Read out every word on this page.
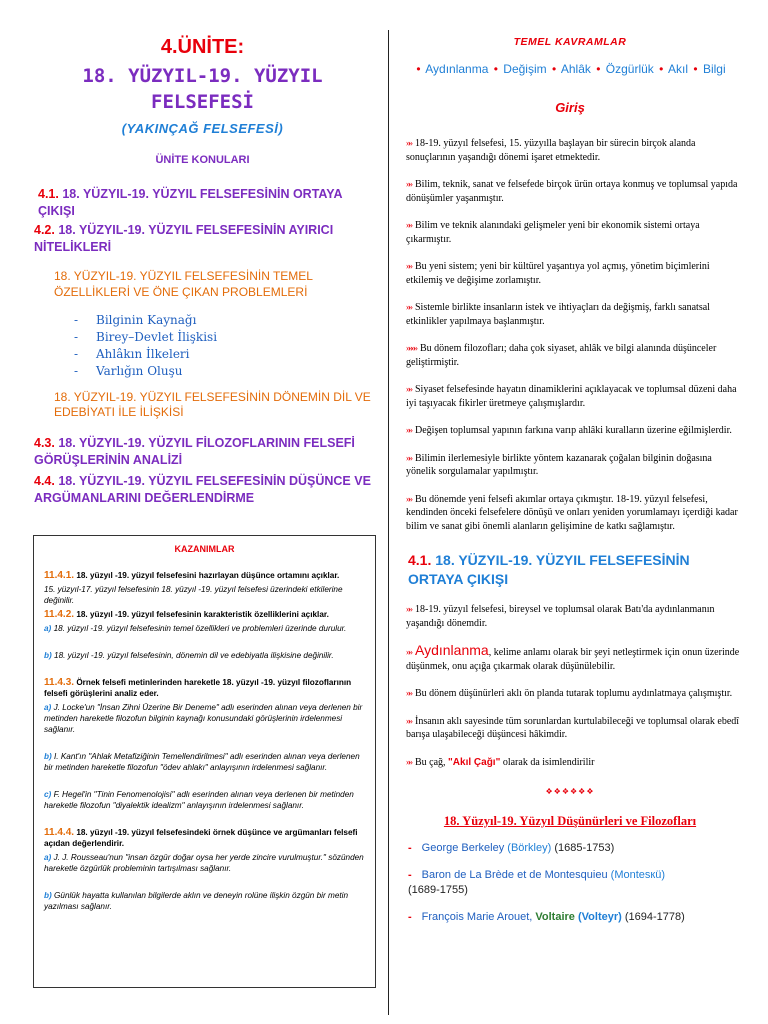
4.ÜNİTE:
18. YÜZYIL-19. YÜZYIL
FELSEFESİ
(YAKINÇAĞ FELSEFESİ)
ÜNİTE KONULARI
4.1. 18. YÜZYIL-19. YÜZYIL FELSEFESİNİN ORTAYA ÇIKIŞI
4.2. 18. YÜZYIL-19. YÜZYIL FELSEFESİNİN AYIRICI NİTELİKLERİ
18. YÜZYIL-19. YÜZYIL FELSEFESİNİN TEMEL ÖZELLİKLERİ VE ÖNE ÇIKAN PROBLEMLERİ
- Bilginin Kaynağı
- Birey–Devlet İlişkisi
- Ahlâkın İlkeleri
- Varlığın Oluşu
18. YÜZYIL-19. YÜZYIL FELSEFESİNİN DÖNEMİN DİL VE EDEBİYATI İLE İLİŞKİSİ
4.3. 18. YÜZYIL-19. YÜZYIL FİLOZOFLARININ FELSEFİ GÖRÜŞLERİNİN ANALİZİ
4.4. 18. YÜZYIL-19. YÜZYIL FELSEFESİNİN DÜŞÜNCE VE ARGÜMANLARINI DEĞERLENDİRME
KAZANIMLAR
11.4.1. 18. yüzyıl -19. yüzyıl felsefesini hazırlayan düşünce ortamını açıklar.
15. yüzyıl-17. yüzyıl felsefesinin 18. yüzyıl -19. yüzyıl felsefesi üzerindeki etkilerine değinilir.
11.4.2. 18. yüzyıl -19. yüzyıl felsefesinin karakteristik özelliklerini açıklar.
a) 18. yüzyıl -19. yüzyıl felsefesinin temel özellikleri ve problemleri üzerinde durulur.
b) 18. yüzyıl -19. yüzyıl felsefesinin, dönemin dil ve edebiyatla ilişkisine değinilir.
11.4.3. Örnek felsefi metinlerinden hareketle 18. yüzyıl -19. yüzyıl filozoflarının felsefi görüşlerini analiz eder.
a) J. Locke'un "İnsan Zihni Üzerine Bir Deneme" adlı eserinden alınan veya derlenen bir metinden hareketle filozofun bilginin kaynağı konusundaki görüşlerinin irdelenmesi sağlanır.
b) I. Kant'ın "Ahlak Metafiziğinin Temellendirilmesi" adlı eserinden alınan veya derlenen bir metinden hareketle filozofun "ödev ahlakı" anlayışının irdelenmesi sağlanır.
c) F. Hegel'in "Tinin Fenomenolojisi" adlı eserinden alınan veya derlenen bir metinden hareketle filozofun "diyalektik idealizm" anlayışının irdelenmesi sağlanır.
11.4.4. 18. yüzyıl -19. yüzyıl felsefesindeki örnek düşünce ve argümanları felsefi açıdan değerlendirir.
a) J. J. Rousseau'nun "insan özgür doğar oysa her yerde zincire vurulmuştur." sözünden hareketle özgürlük probleminin tartışılması sağlanır.
b) Günlük hayatta kullanılan bilgilerde aklın ve deneyin rolüne ilişkin özgün bir metin yazılması sağlanır.
TEMEL KAVRAMLAR
• Aydınlanma • Değişim • Ahlâk • Özgürlük • Akıl • Bilgi
Giriş
»» 18-19. yüzyıl felsefesi, 15. yüzyılla başlayan bir sürecin birçok alanda sonuçlarının yaşandığı dönemi işaret etmektedir.
»» Bilim, teknik, sanat ve felsefede birçok ürün ortaya konmuş ve toplumsal yapıda dönüşümler yaşanmıştır.
»» Bilim ve teknik alanındaki gelişmeler yeni bir ekonomik sistemi ortaya çıkarmıştır.
»» Bu yeni sistem; yeni bir kültürel yaşantıya yol açmış, yönetim biçimlerini etkilemiş ve değişime zorlamıştır.
»» Sistemle birlikte insanların istek ve ihtiyaçları da değişmiş, farklı sanatsal etkinlikler yapılmaya başlanmıştır.
»»»» Bu dönem filozofları; daha çok siyaset, ahlâk ve bilgi alanında düşünceler geliştirmiştir.
»» Siyaset felsefesinde hayatın dinamiklerini açıklayacak ve toplumsal düzeni daha iyi taşıyacak fikirler üretmeye çalışmışlardır.
»» Değişen toplumsal yapının farkına varıp ahlâki kuralların üzerine eğilmişlerdir.
»» Bilimin ilerlemesiyle birlikte yöntem kazanarak çoğalan bilginin doğasına yönelik sorgulamalar yapılmıştır.
»» Bu dönemde yeni felsefi akımlar ortaya çıkmıştır. 18-19. yüzyıl felsefesi, kendinden önceki felsefelere dönüşü ve onları yeniden yorumlamayı içerdiği kadar bilim ve sanat gibi önemli alanların gelişimine de katkı sağlamıştır.
4.1. 18. YÜZYIL-19. YÜZYIL FELSEFESİNİN ORTAYA ÇIKIŞI
»» 18-19. yüzyıl felsefesi, bireysel ve toplumsal olarak Batı'da aydınlanmanın yaşandığı dönemdir.
»» Aydınlanma, kelime anlamı olarak bir şeyi netleştirmek için onun üzerinde düşünmek, onu açığa çıkarmak olarak düşünülebilir.
»» Bu dönem düşünürleri aklı ön planda tutarak toplumu aydınlatmaya çalışmıştır.
»» İnsanın aklı sayesinde tüm sorunlardan kurtulabileceği ve toplumsal olarak ebedî barışa ulaşabileceği düşüncesi hâkimdir.
»» Bu çağ, "Akıl Çağı" olarak da isimlendirilir
❖❖❖❖❖❖
18. Yüzyıl-19. Yüzyıl Düşünürleri ve Filozofları
- George Berkeley (Börkley) (1685-1753)
- Baron de La Brède et de Montesquieu (Montesкü)
(1689-1755)
- François Marie Arouet, Voltaire (Volteyr) (1694-1778)
